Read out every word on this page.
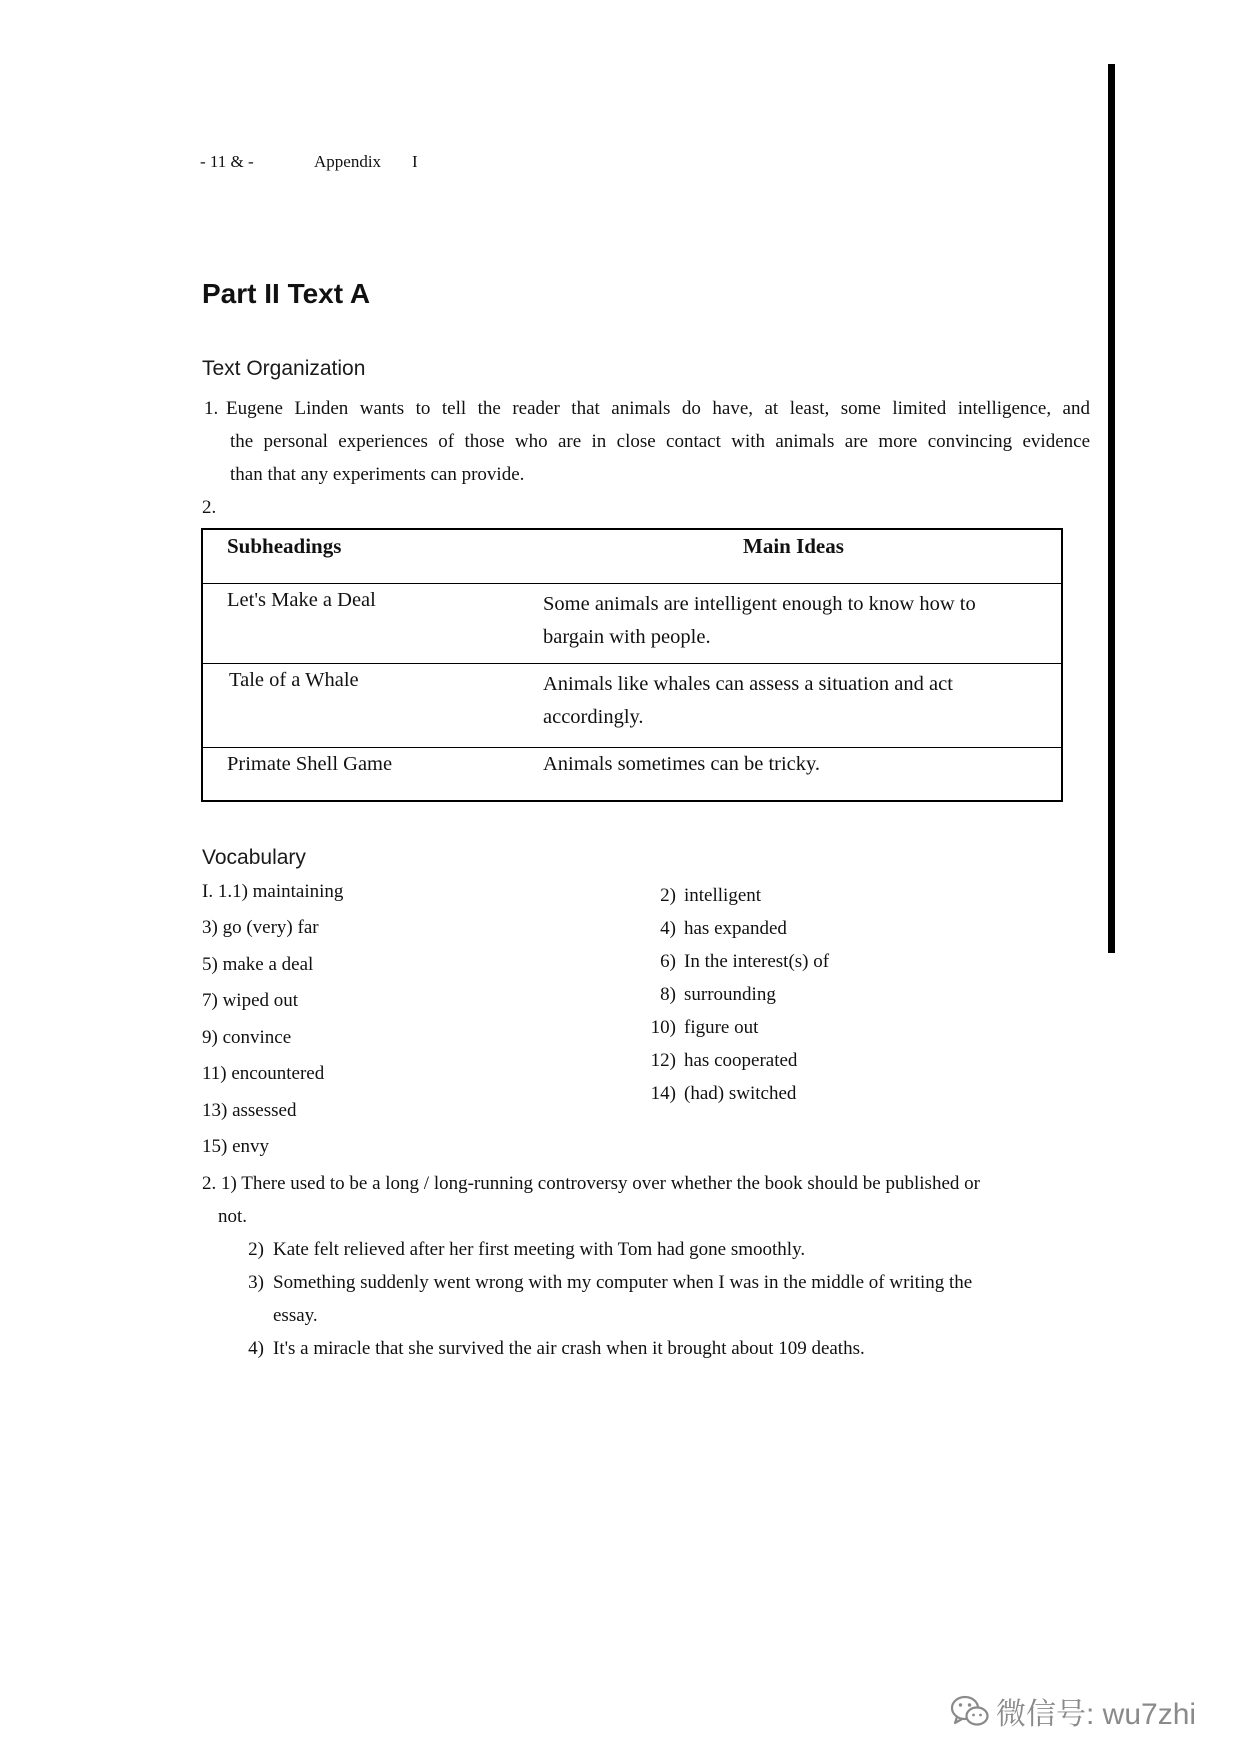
- 11 & -	Appendix I
Part II Text A
Text Organization
1. Eugene Linden wants to tell the reader that animals do have, at least, some limited intelligence, and
the personal experiences of those who are in close contact with animals are more convincing evidence
than that any experiments can provide.
2.
Subheadings	Main Ideas
Let's Make a Deal	Some animals are intelligent enough to know how to
bargain with people.
Tale of a Whale	Animals like whales can assess a situation and act
accordingly.
Primate Shell Game	Animals sometimes can be tricky.
Vocabulary
I. 1.1) maintaining
3) go (very) far
5) make a deal
7) wiped out
9) convince
11) encountered
13) assessed
15) envy
2) intelligent
4) has expanded
6) In the interest(s) of
8) surrounding
10) figure out
12) has cooperated
14) (had) switched
2. 1) There used to be a long / long-running controversy over whether the book should be published or
not.
2) Kate felt relieved after her first meeting with Tom had gone smoothly.
3) Something suddenly went wrong with my computer when I was in the middle of writing the
essay.
4) It's a miracle that she survived the air crash when it brought about 109 deaths.
微信号: wu7zhi
